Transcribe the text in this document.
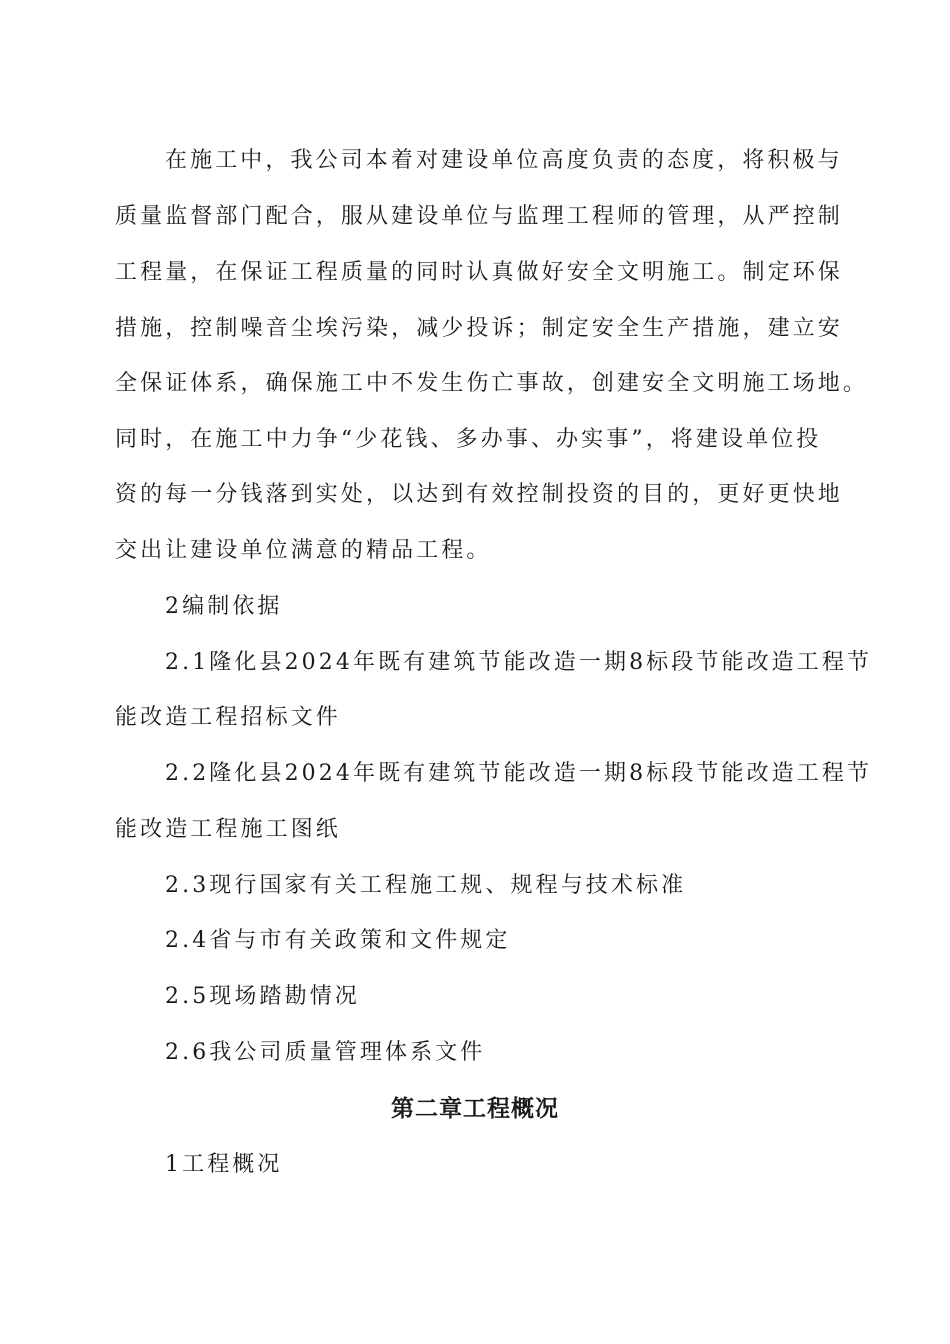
在施工中，我公司本着对建设单位高度负责的态度，将积极与

质量监督部门配合，服从建设单位与监理工程师的管理，从严控制

工程量，在保证工程质量的同时认真做好安全文明施工。制定环保

措施，控制噪音尘埃污染，减少投诉；制定安全生产措施，建立安

全保证体系，确保施工中不发生伤亡事故，创建安全文明施工场地。

同时，在施工中力争“少花钱、多办事、办实事”，将建设单位投

资的每一分钱落到实处，以达到有效控制投资的目的，更好更快地

交出让建设单位满意的精品工程。

2编制依据

2.1隆化县2024年既有建筑节能改造一期8标段节能改造工程节

能改造工程招标文件

2.2隆化县2024年既有建筑节能改造一期8标段节能改造工程节

能改造工程施工图纸

2.3现行国家有关工程施工规、规程与技术标准

2.4省与市有关政策和文件规定

2.5现场踏勘情况

2.6我公司质量管理体系文件

第二章工程概况

1工程概况
